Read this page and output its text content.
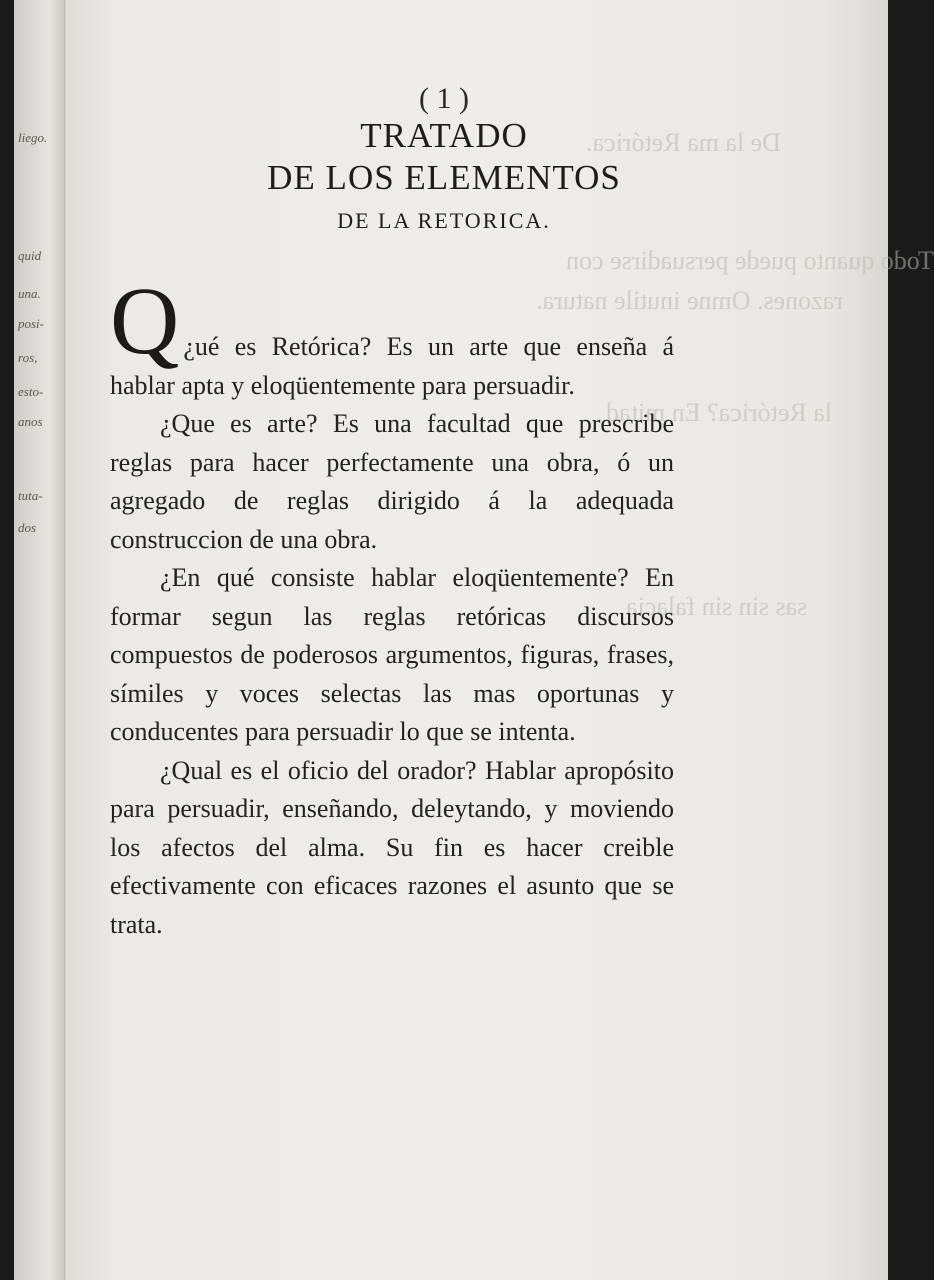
liego.
quid
una.
posi-
ros,
esto-
anos
tuta-
dos
De la ma Retórica.
Todo quanto puede persuadirse con
razones. Omne inutile natura.
la Retórica? En mitad
sas sin sin falacia
( 1 )
TRATADO
DE LOS ELEMENTOS
DE LA RETORICA.

Q ¿ué es Retórica? Es un arte que enseña á hablar apta y eloqüentemente para persuadir.

¿Que es arte? Es una facultad que prescribe reglas para hacer perfectamente una obra, ó un agregado de reglas dirigido á la adequada construccion de una obra.

¿En qué consiste hablar eloqüentemente? En formar segun las reglas retóricas discursos compuestos de poderosos argumentos, figuras, frases, símiles y voces selectas las mas oportunas y conducentes para persuadir lo que se intenta.

¿Qual es el oficio del orador? Hablar apropósito para persuadir, enseñando, deleytando, y moviendo los afectos del alma. Su fin es hacer creible efectivamente con eficaces razones el asunto que se trata.
